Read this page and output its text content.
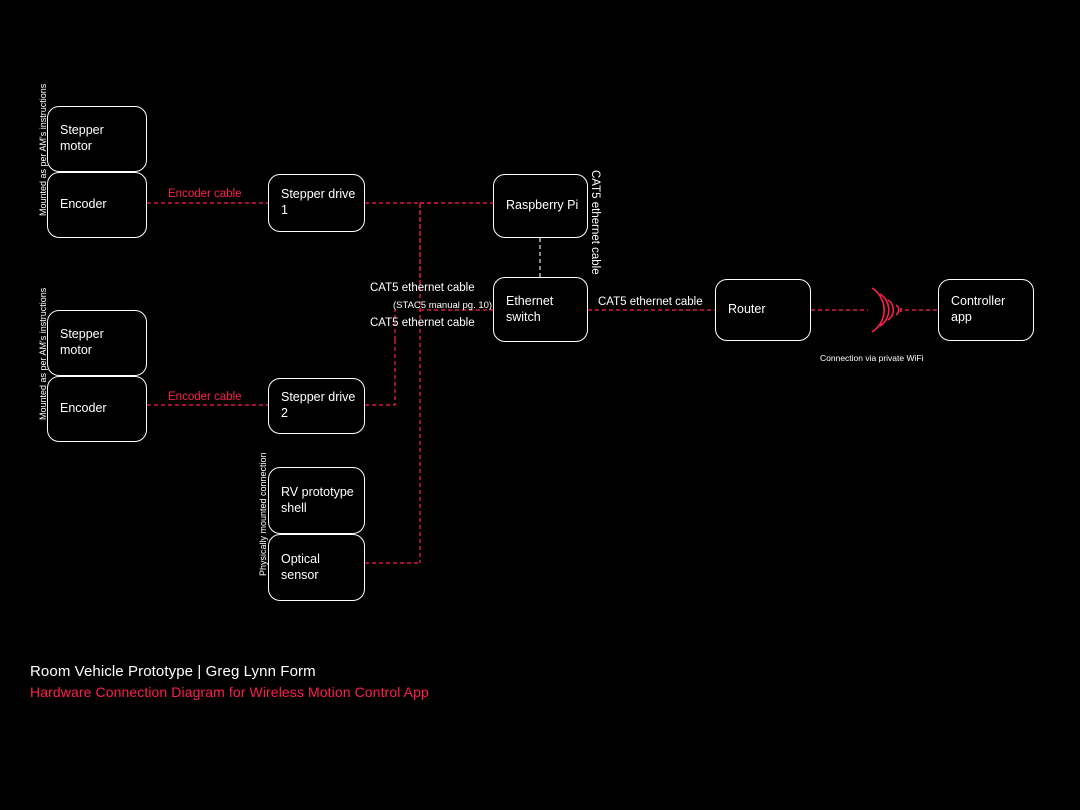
Stepper motor
Encoder
Stepper drive 1	Raspberry Pi
Ethernet switch
Router
Controller app
Stepper motor
Encoder
Stepper drive 2
RV prototype shell
Optical sensor
Encoder cable
Encoder cable
CAT5 ethernet cable
(STAC5 manual pg. 10)
CAT5 ethernet cable
CAT5 ethernet cable
CAT5 ethernet cable
Mounted as per AM's instructions
Mounted as per AM's instructions
Physically mounted connection
Connection via private WiFi
Room Vehicle Prototype | Greg Lynn Form
Hardware Connection Diagram for Wireless Motion Control App
